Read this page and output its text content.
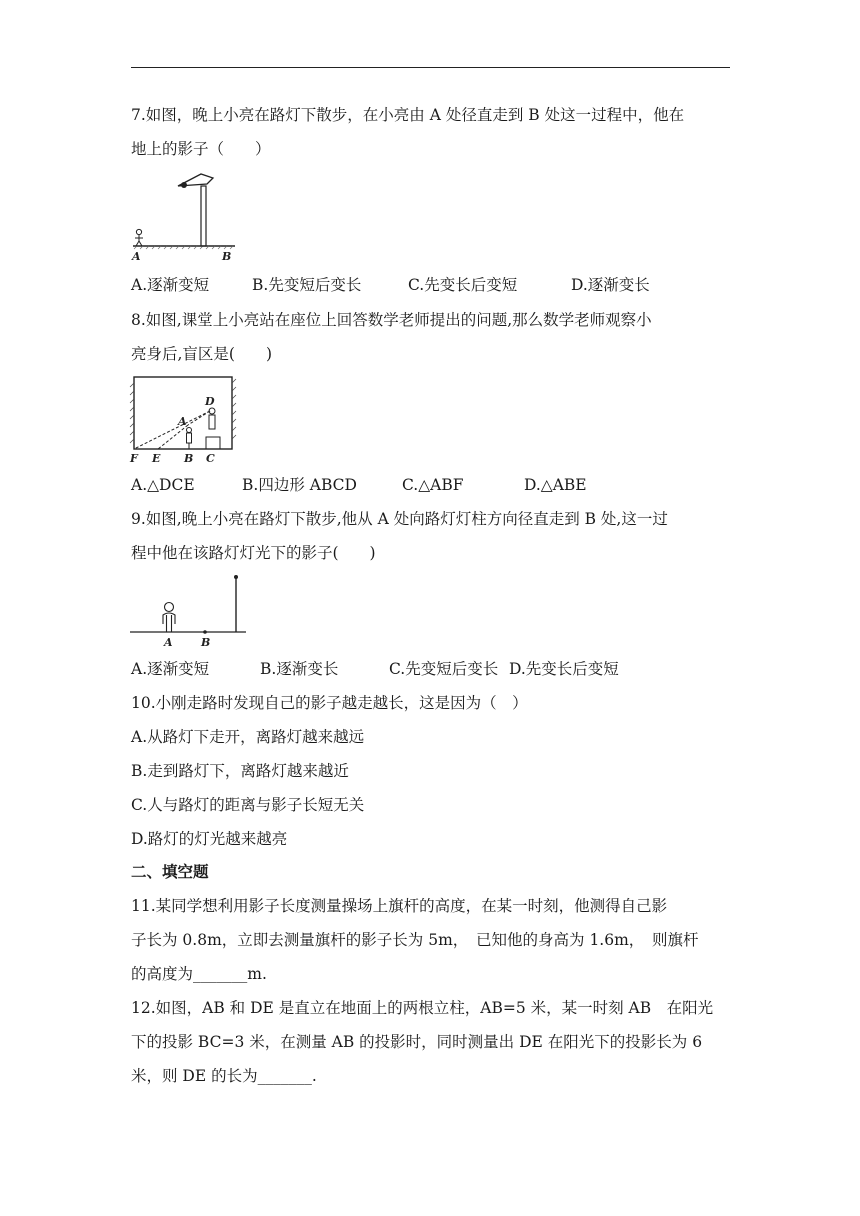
7.如图，晚上小亮在路灯下散步，在小亮由 A 处径直走到 B 处这一过程中，他在
地上的影子（　　）
A	B
A.逐渐变短	B.先变短后变长	C.先变长后变短	D.逐渐变长
8.如图,课堂上小亮站在座位上回答数学老师提出的问题,那么数学老师观察小
亮身后,盲区是(　　)
F E B C
A
D
A.△DCE	B.四边形 ABCD	C.△ABF	D.△ABE
9.如图,晚上小亮在路灯下散步,他从 A 处向路灯灯柱方向径直走到 B 处,这一过
程中他在该路灯灯光下的影子(　　)
A	B
A.逐渐变短	B.逐渐变长	C.先变短后变长 D.先变长后变短
10.小刚走路时发现自己的影子越走越长，这是因为（　）
A.从路灯下走开，离路灯越来越远
B.走到路灯下，离路灯越来越近
C.人与路灯的距离与影子长短无关
D.路灯的灯光越来越亮
二、填空题
11.某同学想利用影子长度测量操场上旗杆的高度，在某一时刻，他测得自己影
子长为 0.8m，立即去测量旗杆的影子长为 5m，　已知他的身高为 1.6m，　则旗杆
的高度为_______m.
12.如图，AB 和 DE 是直立在地面上的两根立柱，AB=5 米，某一时刻 AB　在阳光
下的投影 BC=3 米，在测量 AB 的投影时，同时测量出 DE 在阳光下的投影长为 6
米，则 DE 的长为_______.
